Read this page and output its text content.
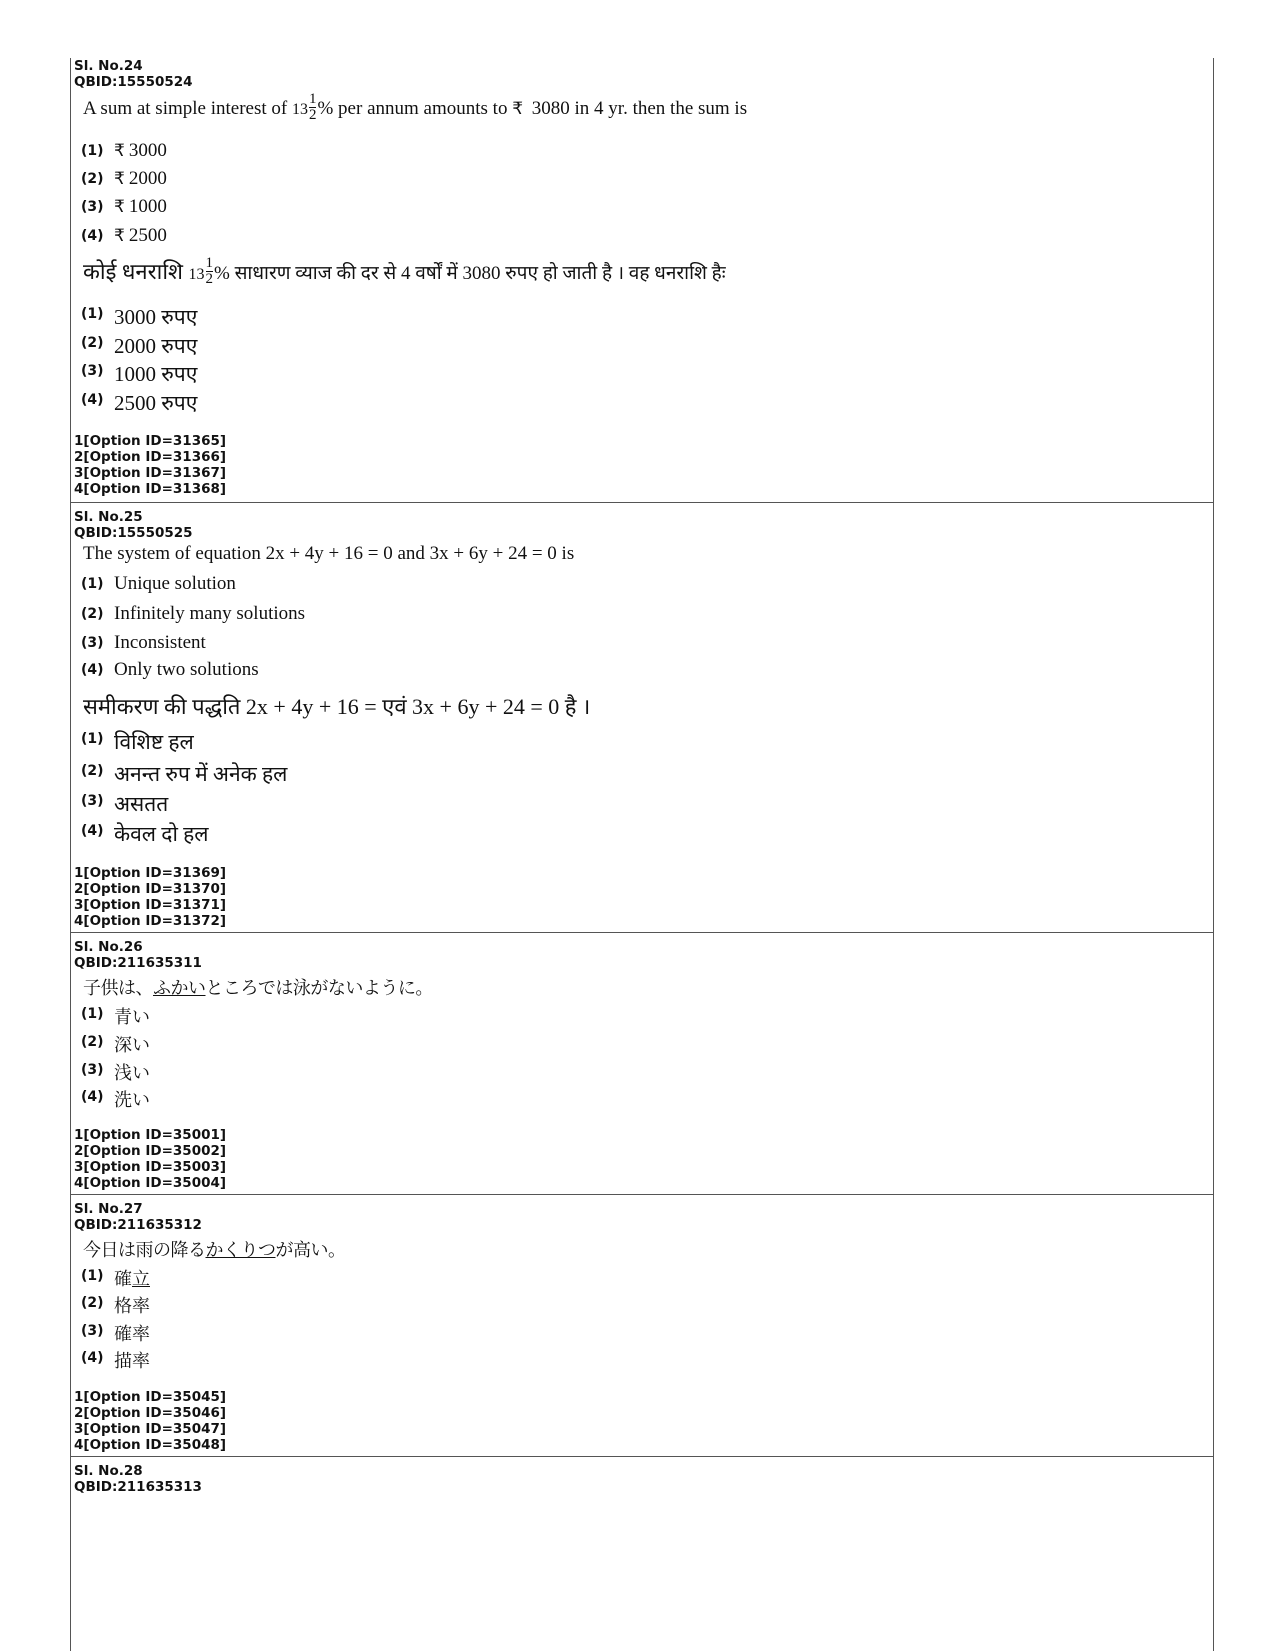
Sl. No.24
QBID:15550524
A sum at simple interest of $13 \frac{1}{2}$ % per annum amounts to ₹ 3080 in 4 yr. then the sum is
(1) ₹ 3000
(2) ₹ 2000
(3) ₹ 1000
(4) ₹ 2500
कोई धनराशि $13 \frac{1}{2}$ % साधारण व्याज की दर से 4 वर्षों में 3080 रुपए हो जाती है । वह धनराशि हैः
(1) 3000 रुपए
(2) 2000 रुपए
(3) 1000 रुपए
(4) 2500 रुपए
1[Option ID=31365]
2[Option ID=31366]
3[Option ID=31367]
4[Option ID=31368]
Sl. No.25
QBID:15550525
The system of equation 2x + 4y + 16 = 0 and 3x + 6y + 24 = 0 is
(1) Unique solution
(2) Infinitely many solutions
(3) Inconsistent
(4) Only two solutions
समीकरण की पद्धति 2x + 4y + 16 = एवं 3x + 6y + 24 = 0 है ।
(1) विशिष्ट हल
(2) अनन्त रुप में अनेक हल
(3) असतत
(4) केवल दो हल
1[Option ID=31369]
2[Option ID=31370]
3[Option ID=31371]
4[Option ID=31372]
Sl. No.26
QBID:211635311
子供は、ふかいところでは泳がないように。
(1) 青い
(2) 深い
(3) 浅い
(4) 洗い
1[Option ID=35001]
2[Option ID=35002]
3[Option ID=35003]
4[Option ID=35004]
Sl. No.27
QBID:211635312
今日は雨の降るかくりつが高い。
(1) 確立
(2) 格率
(3) 確率
(4) 描率
1[Option ID=35045]
2[Option ID=35046]
3[Option ID=35047]
4[Option ID=35048]
Sl. No.28
QBID:211635313
